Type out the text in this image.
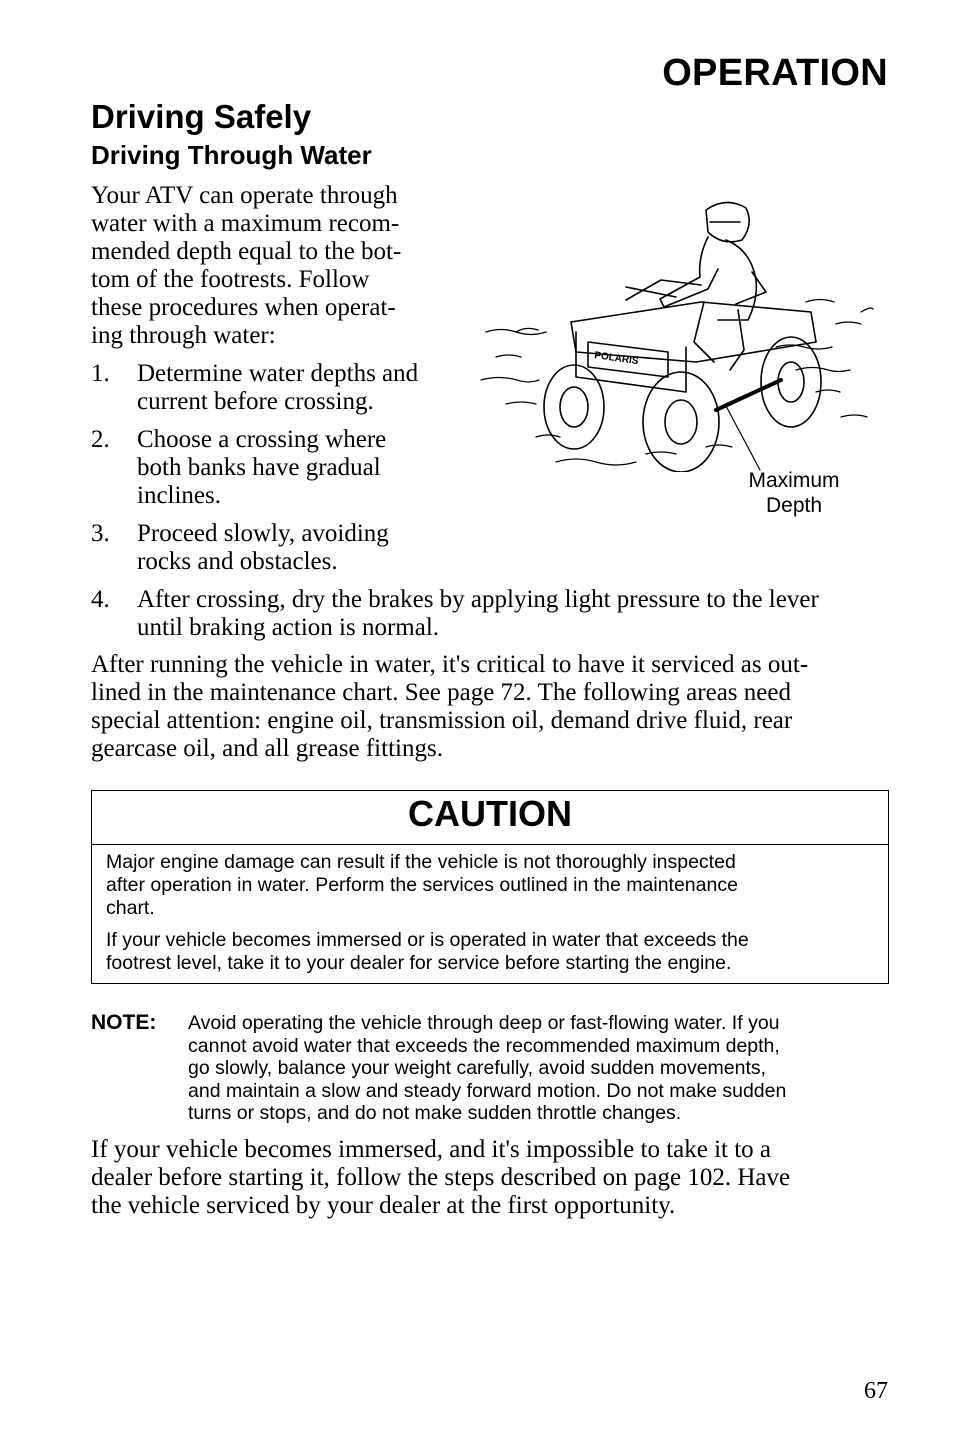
OPERATION
Driving Safely
Driving Through Water
Your ATV can operate through
water with a maximum recom-
mended depth equal to the bot-
tom of the footrests. Follow
these procedures when operat-
ing through water:
1. Determine water depths and
current before crossing.
2. Choose a crossing where
both banks have gradual
inclines.
3. Proceed slowly, avoiding
rocks and obstacles.
4. After crossing, dry the brakes by applying light pressure to the lever
until braking action is normal.
POLARIS
Maximum
Depth
After running the vehicle in water, it's critical to have it serviced as out-
lined in the maintenance chart. See page 72. The following areas need
special attention: engine oil, transmission oil, demand drive fluid, rear
gearcase oil, and all grease fittings.
CAUTION

Major engine damage can result if the vehicle is not thoroughly inspected
after operation in water. Perform the services outlined in the maintenance
chart.

If your vehicle becomes immersed or is operated in water that exceeds the
footrest level, take it to your dealer for service before starting the engine.

NOTE: Avoid operating the vehicle through deep or fast-flowing water. If you
cannot avoid water that exceeds the recommended maximum depth,
go slowly, balance your weight carefully, avoid sudden movements,
and maintain a slow and steady forward motion. Do not make sudden
turns or stops, and do not make sudden throttle changes.
If your vehicle becomes immersed, and it's impossible to take it to a
dealer before starting it, follow the steps described on page 102. Have
the vehicle serviced by your dealer at the first opportunity.
67
